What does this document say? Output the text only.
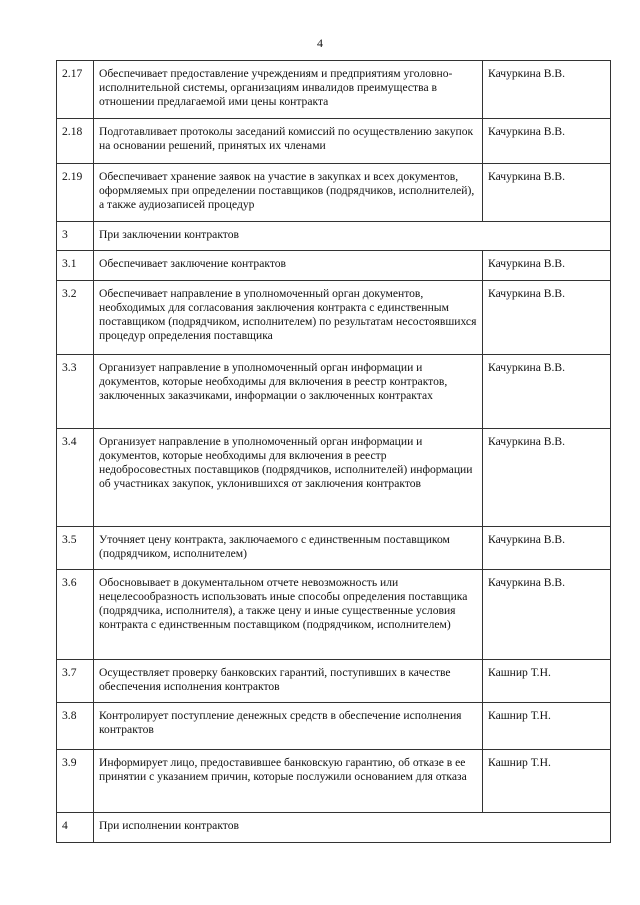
4
2.17	Обеспечивает предоставление учреждениям и предприятиям уголовно-исполнительной системы, организациям инвалидов преимущества в отношении предлагаемой ими цены контракта	Качуркина В.В.
2.18	Подготавливает протоколы заседаний комиссий по осуществлению закупок на основании решений, принятых их членами	Качуркина В.В.
2.19	Обеспечивает хранение заявок на участие в закупках и всех документов, оформляемых при определении поставщиков (подрядчиков, исполнителей), а также аудиозаписей процедур	Качуркина В.В.
3	При заключении контрактов	
3.1	Обеспечивает заключение контрактов	Качуркина В.В.
3.2	Обеспечивает направление в уполномоченный орган документов, необходимых для согласования заключения контракта с единственным поставщиком (подрядчиком, исполнителем) по результатам несостоявшихся процедур определения поставщика	Качуркина В.В.
3.3	Организует направление в уполномоченный орган информации и документов, которые необходимы для включения в реестр контрактов, заключенных заказчиками, информации о заключенных контрактах	Качуркина В.В.
3.4	Организует направление в уполномоченный орган информации и документов, которые необходимы для включения в реестр недобросовестных поставщиков (подрядчиков, исполнителей) информации об участниках закупок, уклонившихся от заключения контрактов	Качуркина В.В.
3.5	Уточняет цену контракта, заключаемого с единственным поставщиком (подрядчиком, исполнителем)	Качуркина В.В.
3.6	Обосновывает в документальном отчете невозможность или нецелесообразность использовать иные способы определения поставщика (подрядчика, исполнителя), а также цену и иные существенные условия контракта с единственным поставщиком (подрядчиком, исполнителем)	Качуркина В.В.
3.7	Осуществляет проверку банковских гарантий, поступивших в качестве обеспечения исполнения контрактов	Кашнир Т.Н.
3.8	Контролирует поступление денежных средств в обеспечение исполнения контрактов	Кашнир Т.Н.
3.9	Информирует лицо, предоставившее банковскую гарантию, об отказе в ее принятии с указанием причин, которые послужили основанием для отказа	Кашнир Т.Н.
4	При исполнении контрактов	
